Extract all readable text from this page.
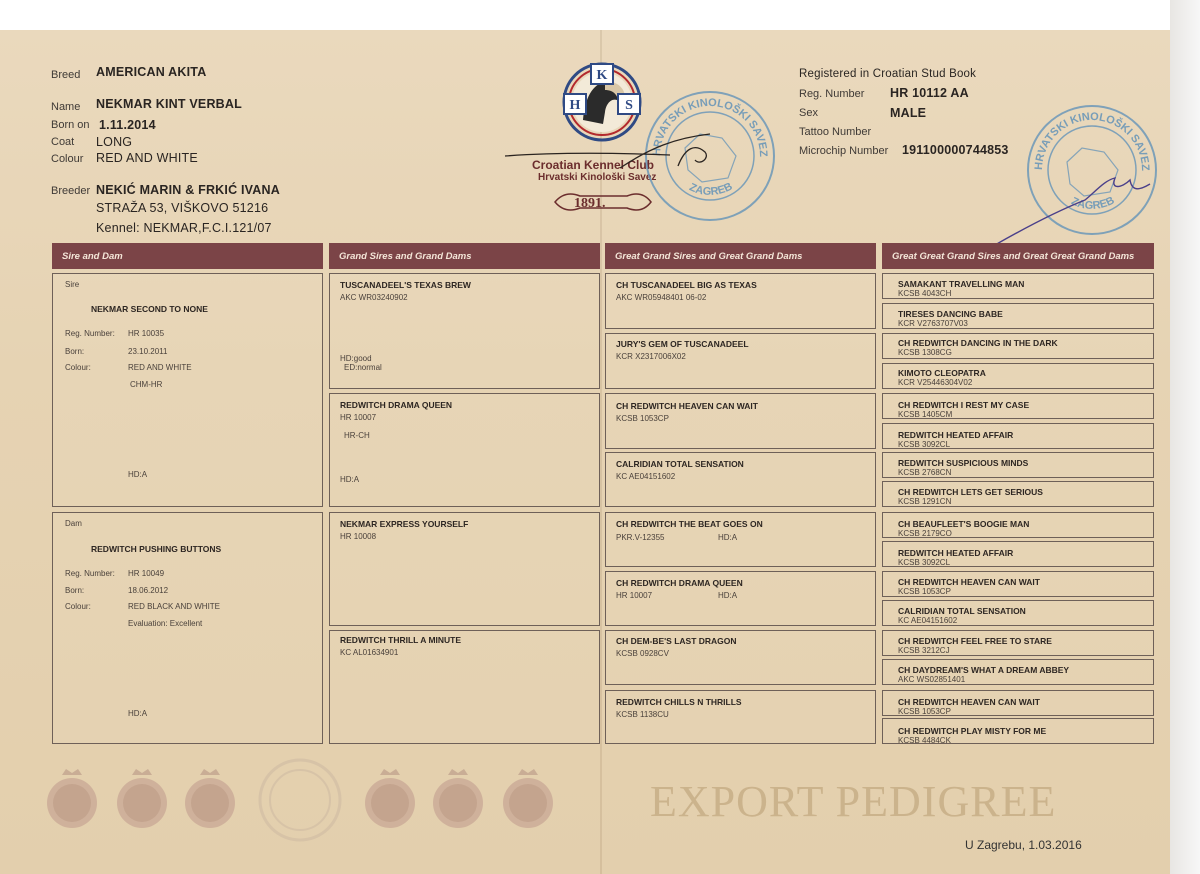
Breed AMERICAN AKITA
Name NEKMAR KINT VERBAL
Born on 1.11.2014
Coat LONG
Colour RED AND WHITE
Breeder NEKIĆ MARIN & FRKIĆ IVANA
STRAŽA 53, VIŠKOVO 51216
Kennel: NEKMAR,F.C.I.121/07
K
H	S
Croatian Kennel Club
Hrvatski Kinološki Savez
1891.
HRVATSKI KINOLOŠKI SAVEZ
ZAGREB
HRVATSKI KINOLOŠKI SAVEZ
ZAGREB
Registered in Croatian Stud Book
Reg. Number HR 10112 AA
Sex	MALE
Tattoo Number
Microchip Number 191100000744853
Sire and Dam	Grand Sires and Grand Dams	Great Grand Sires and Great Grand Dams	Great Great Grand Sires and Great Great Grand Dams
Sire
NEKMAR SECOND TO NONE
Reg. Number: HR 10035
Born:	23.10.2011
Colour:	RED AND WHITE
CHM-HR
HD:A
Dam
REDWITCH PUSHING BUTTONS
Reg. Number: HR 10049
Born:	18.06.2012
Colour:	RED BLACK AND WHITE
Evaluation: Excellent
HD:A
TUSCANADEEL'S TEXAS BREW
AKC WR03240902
HD:good
ED:normal
REDWITCH DRAMA QUEEN
HR 10007
HR-CH
HD:A
NEKMAR EXPRESS YOURSELF
HR 10008
REDWITCH THRILL A MINUTE
KC AL01634901
CH TUSCANADEEL BIG AS TEXAS
AKC WR05948401 06-02
JURY'S GEM OF TUSCANADEEL
KCR X2317006X02
CH REDWITCH HEAVEN CAN WAIT
KCSB 1053CP
CALRIDIAN TOTAL SENSATION
KC AE04151602
CH REDWITCH THE BEAT GOES ON
PKR.V-12355	HD:A
CH REDWITCH DRAMA QUEEN
HR 10007	HD:A
CH DEM-BE'S LAST DRAGON
KCSB 0928CV
REDWITCH CHILLS N THRILLS
KCSB 1138CU
SAMAKANT TRAVELLING MAN
KCSB 4043CH
TIRESES DANCING BABE
KCR V2763707V03
CH REDWITCH DANCING IN THE DARK
KCSB 1308CG
KIMOTO CLEOPATRA
KCR V25446304V02
CH REDWITCH I REST MY CASE
KCSB 1405CM
REDWITCH HEATED AFFAIR
KCSB 3092CL
REDWITCH SUSPICIOUS MINDS
KCSB 2768CN
CH REDWITCH LETS GET SERIOUS
KCSB 1291CN
CH BEAUFLEET'S BOOGIE MAN
KCSB 2179CO
REDWITCH HEATED AFFAIR
KCSB 3092CL
CH REDWITCH HEAVEN CAN WAIT
KCSB 1053CP
CALRIDIAN TOTAL SENSATION
KC AE04151602
CH REDWITCH FEEL FREE TO STARE
KCSB 3212CJ
CH DAYDREAM'S WHAT A DREAM ABBEY
AKC WS02851401
CH REDWITCH HEAVEN CAN WAIT
KCSB 1053CP
CH REDWITCH PLAY MISTY FOR ME
KCSB 4484CK
EXPORT PEDIGREE
U Zagrebu, 1.03.2016
